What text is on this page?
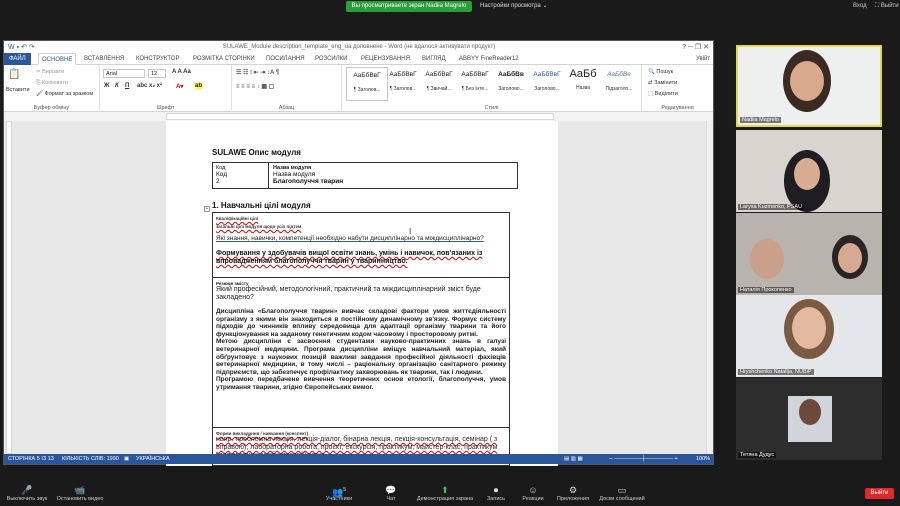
Вы просматриваете экран Nadiia Magrelo	Настройки просмотра ⌄	Вход ⛶ Выйти
W ▪ ↶ ↷	SULAWE_Module description_template_eng_ua доповнене - Word (не вдалося активувати продукт)	? ─ ❐ ✕
ФАЙЛ	ОСНОВНЕ	ВСТАВЛЕННЯ КОНСТРУКТОР РОЗМІТКА СТОРІНКИ ПОСИЛАННЯ РОЗСИЛКИ РЕЦЕНЗУВАННЯ ВИГЛЯД ABBYY FineReader12	Увійт
📋
Вставити
✂ Вирізати
⎘ Копіювати
🖌 Формат за зразком
Буфер обміну
Arial	12	A A Aa
Ж К П abc x₂ x² A▾ ab
Шрифт
☰ ☷ ⁝ ⇤ ⇥ ↕A ¶
≡ ≡ ≡ ≡ ↕ ▦ ▢
Абзац
АаБбВвГ
¶ Заголов...
АаБбВвГ
¶ Заголов...
АаБбВвГ
¶ Звичай...
АаБбВвГ
¶ Без інте...
АаБбВв
Заголово...
АаБбВвГ
Заголово...
АаБб
Назва
АаБбВе
Підзаголо...
Стилі
🔍 Пошук
⇄ Замінити
⬚ Виділити
Редагування
SULAWE Опис модуля
Код
Код
2
Назва модуля
Назва модуля
Благополуччя тварин
+ 1. Навчальні цілі модуля
Кваліфікаційні цілі
загальні цілі модуля щодо усіх підтем
Які знання, навички, компетенції необхідно набути дисциплінарно та міждисциплінарно?
Формування у здобувачів вищої освіти знань, умінь і навичок, пов'язаних із впровадженням благополуччя тварин у тваринництво.
Резюме змісту
Який професійний, методологічний, практичний та міждисциплінарний зміст буде закладено?
Дисципліна «Благополуччя тварин» вивчає складові фактори умов життєдіяльності організму з якими він знаходиться в постійному динамічному зв'язку. Формує систему підходів до чинників впливу середовища для адаптації організму тварини та його функціонування на заданому генетичним кодом часовому і просторовому ритмі.
Метою дисципліни є засвоєння студентами науково-практичних знань в галузі ветеринарної медицини. Програма дисципліни вміщує навчальний матеріал, який обґрунтовує з наукових позицій важливі завдання професійної діяльності фахівців ветеринарної медицини, в тому числі – раціональну організацію санітарного режиму підприємств, що забезпечує профілактику захворювань як тварини, так і людини.
Програмою передбачене вивчення теоретичних основ етології, благополуччя, умов утримання тварини, згідно Європейських вимог.
Форми викладання / навчання (конспект)
напр. проблемна лекція, лекція-діалог, бінарна лекція, лекція-консультація, семінар ( з вправою), лабораторна робота, проєкт, екскурсія, практикум, майстер-клас, практикум
I
СТОРІНКА 5 ІЗ 13 КІЛЬКІСТЬ СЛІВ: 1990 ▣ УКРАЇНСЬКА	▤ ▥ ▦	─ ───────┼─────── +	100%
Nadiia Magrelo
Larysa Kuzmenko, PSAU
Наталія Прокопенко
Hryshchenko Natalija, NUBiP
Тетяна Дудус
🎤
Выключить звук
📹
Остановить видео
👥$^5$
Участники
💬
Чат
⬆
Демонстрация экрана
⏺
Запись
☺
Реакции
⚙
Приложения
▭
Доски сообщений
Выйти
